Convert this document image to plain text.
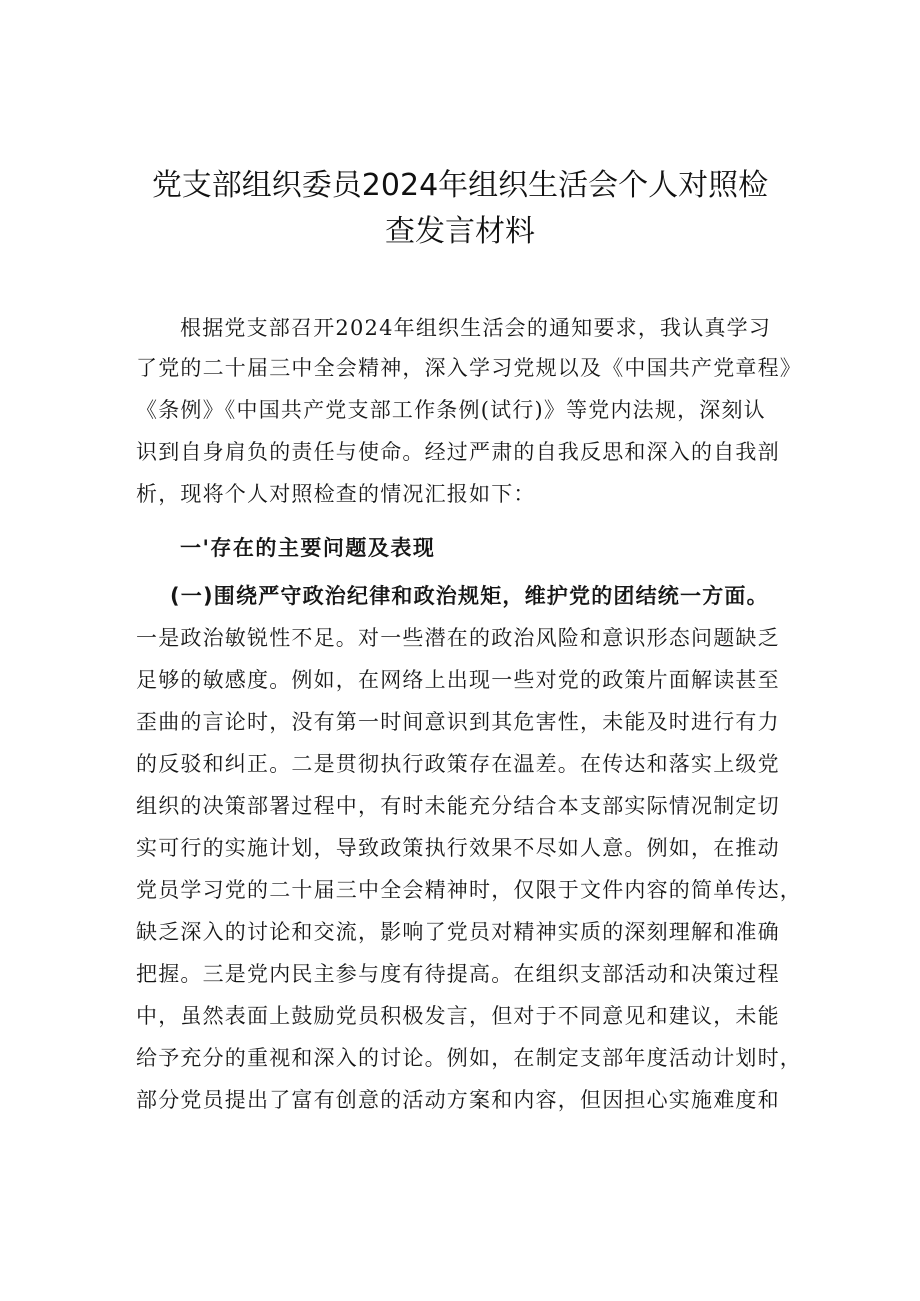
党支部组织委员2024年组织生活会个人对照检
查发言材料
根据党支部召开2024年组织生活会的通知要求，我认真学习
了党的二十届三中全会精神，深入学习党规以及《中国共产党章程》
《条例》《中国共产党支部工作条例(试行)》等党内法规，深刻认
识到自身肩负的责任与使命。经过严肃的自我反思和深入的自我剖
析，现将个人对照检查的情况汇报如下：
一'存在的主要问题及表现
(一)围绕严守政治纪律和政治规矩，维护党的团结统一方面。
一是政治敏锐性不足。对一些潜在的政治风险和意识形态问题缺乏
足够的敏感度。例如，在网络上出现一些对党的政策片面解读甚至
歪曲的言论时，没有第一时间意识到其危害性，未能及时进行有力
的反驳和纠正。二是贯彻执行政策存在温差。在传达和落实上级党
组织的决策部署过程中，有时未能充分结合本支部实际情况制定切
实可行的实施计划，导致政策执行效果不尽如人意。例如，在推动
党员学习党的二十届三中全会精神时，仅限于文件内容的简单传达，
缺乏深入的讨论和交流，影响了党员对精神实质的深刻理解和准确
把握。三是党内民主参与度有待提高。在组织支部活动和决策过程
中，虽然表面上鼓励党员积极发言，但对于不同意见和建议，未能
给予充分的重视和深入的讨论。例如，在制定支部年度活动计划时，
部分党员提出了富有创意的活动方案和内容，但因担心实施难度和
